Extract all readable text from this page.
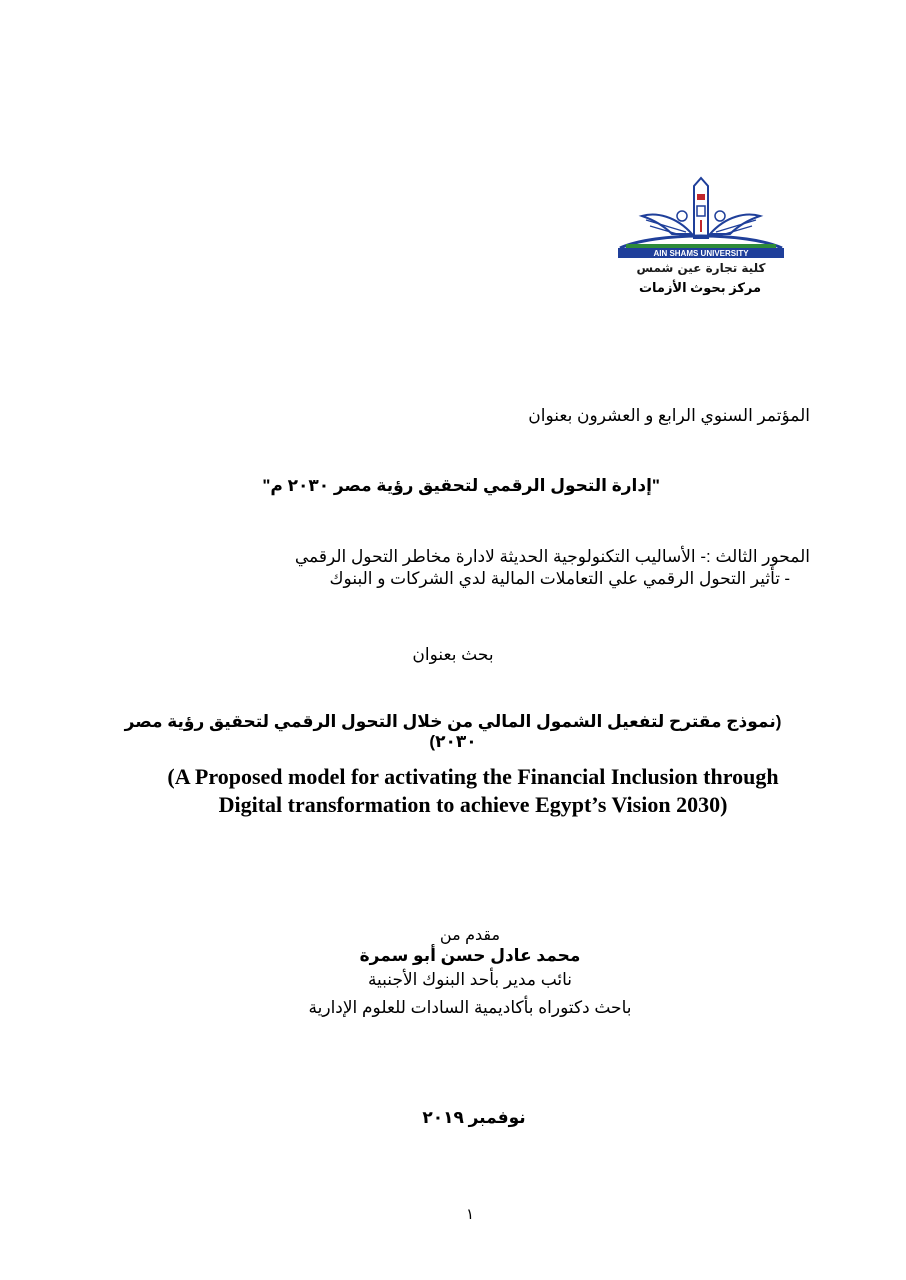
AIN SHAMS UNIVERSITY
كلية تجارة عين شمس
مركز بحوث الأزمات
المؤتمر السنوي الرابع و العشرون بعنوان
"إدارة التحول الرقمي لتحقيق رؤية مصر ٢٠٣٠ م"
المحور الثالث :- الأساليب التكنولوجية الحديثة لادارة مخاطر التحول الرقمي
-
تأثير التحول الرقمي علي التعاملات المالية لدي الشركات و البنوك
بحث بعنوان
(نموذج مقترح لتفعيل الشمول المالي من خلال التحول الرقمي لتحقيق رؤية مصر ٢٠٣٠)
(A Proposed model for activating the Financial Inclusion through
Digital transformation to achieve Egypt’s Vision 2030)
مقدم من
محمد عادل حسن أبو سمرة
نائب مدير بأحد البنوك الأجنبية
باحث دكتوراه بأكاديمية السادات للعلوم الإدارية
نوفمبر ٢٠١٩
١
